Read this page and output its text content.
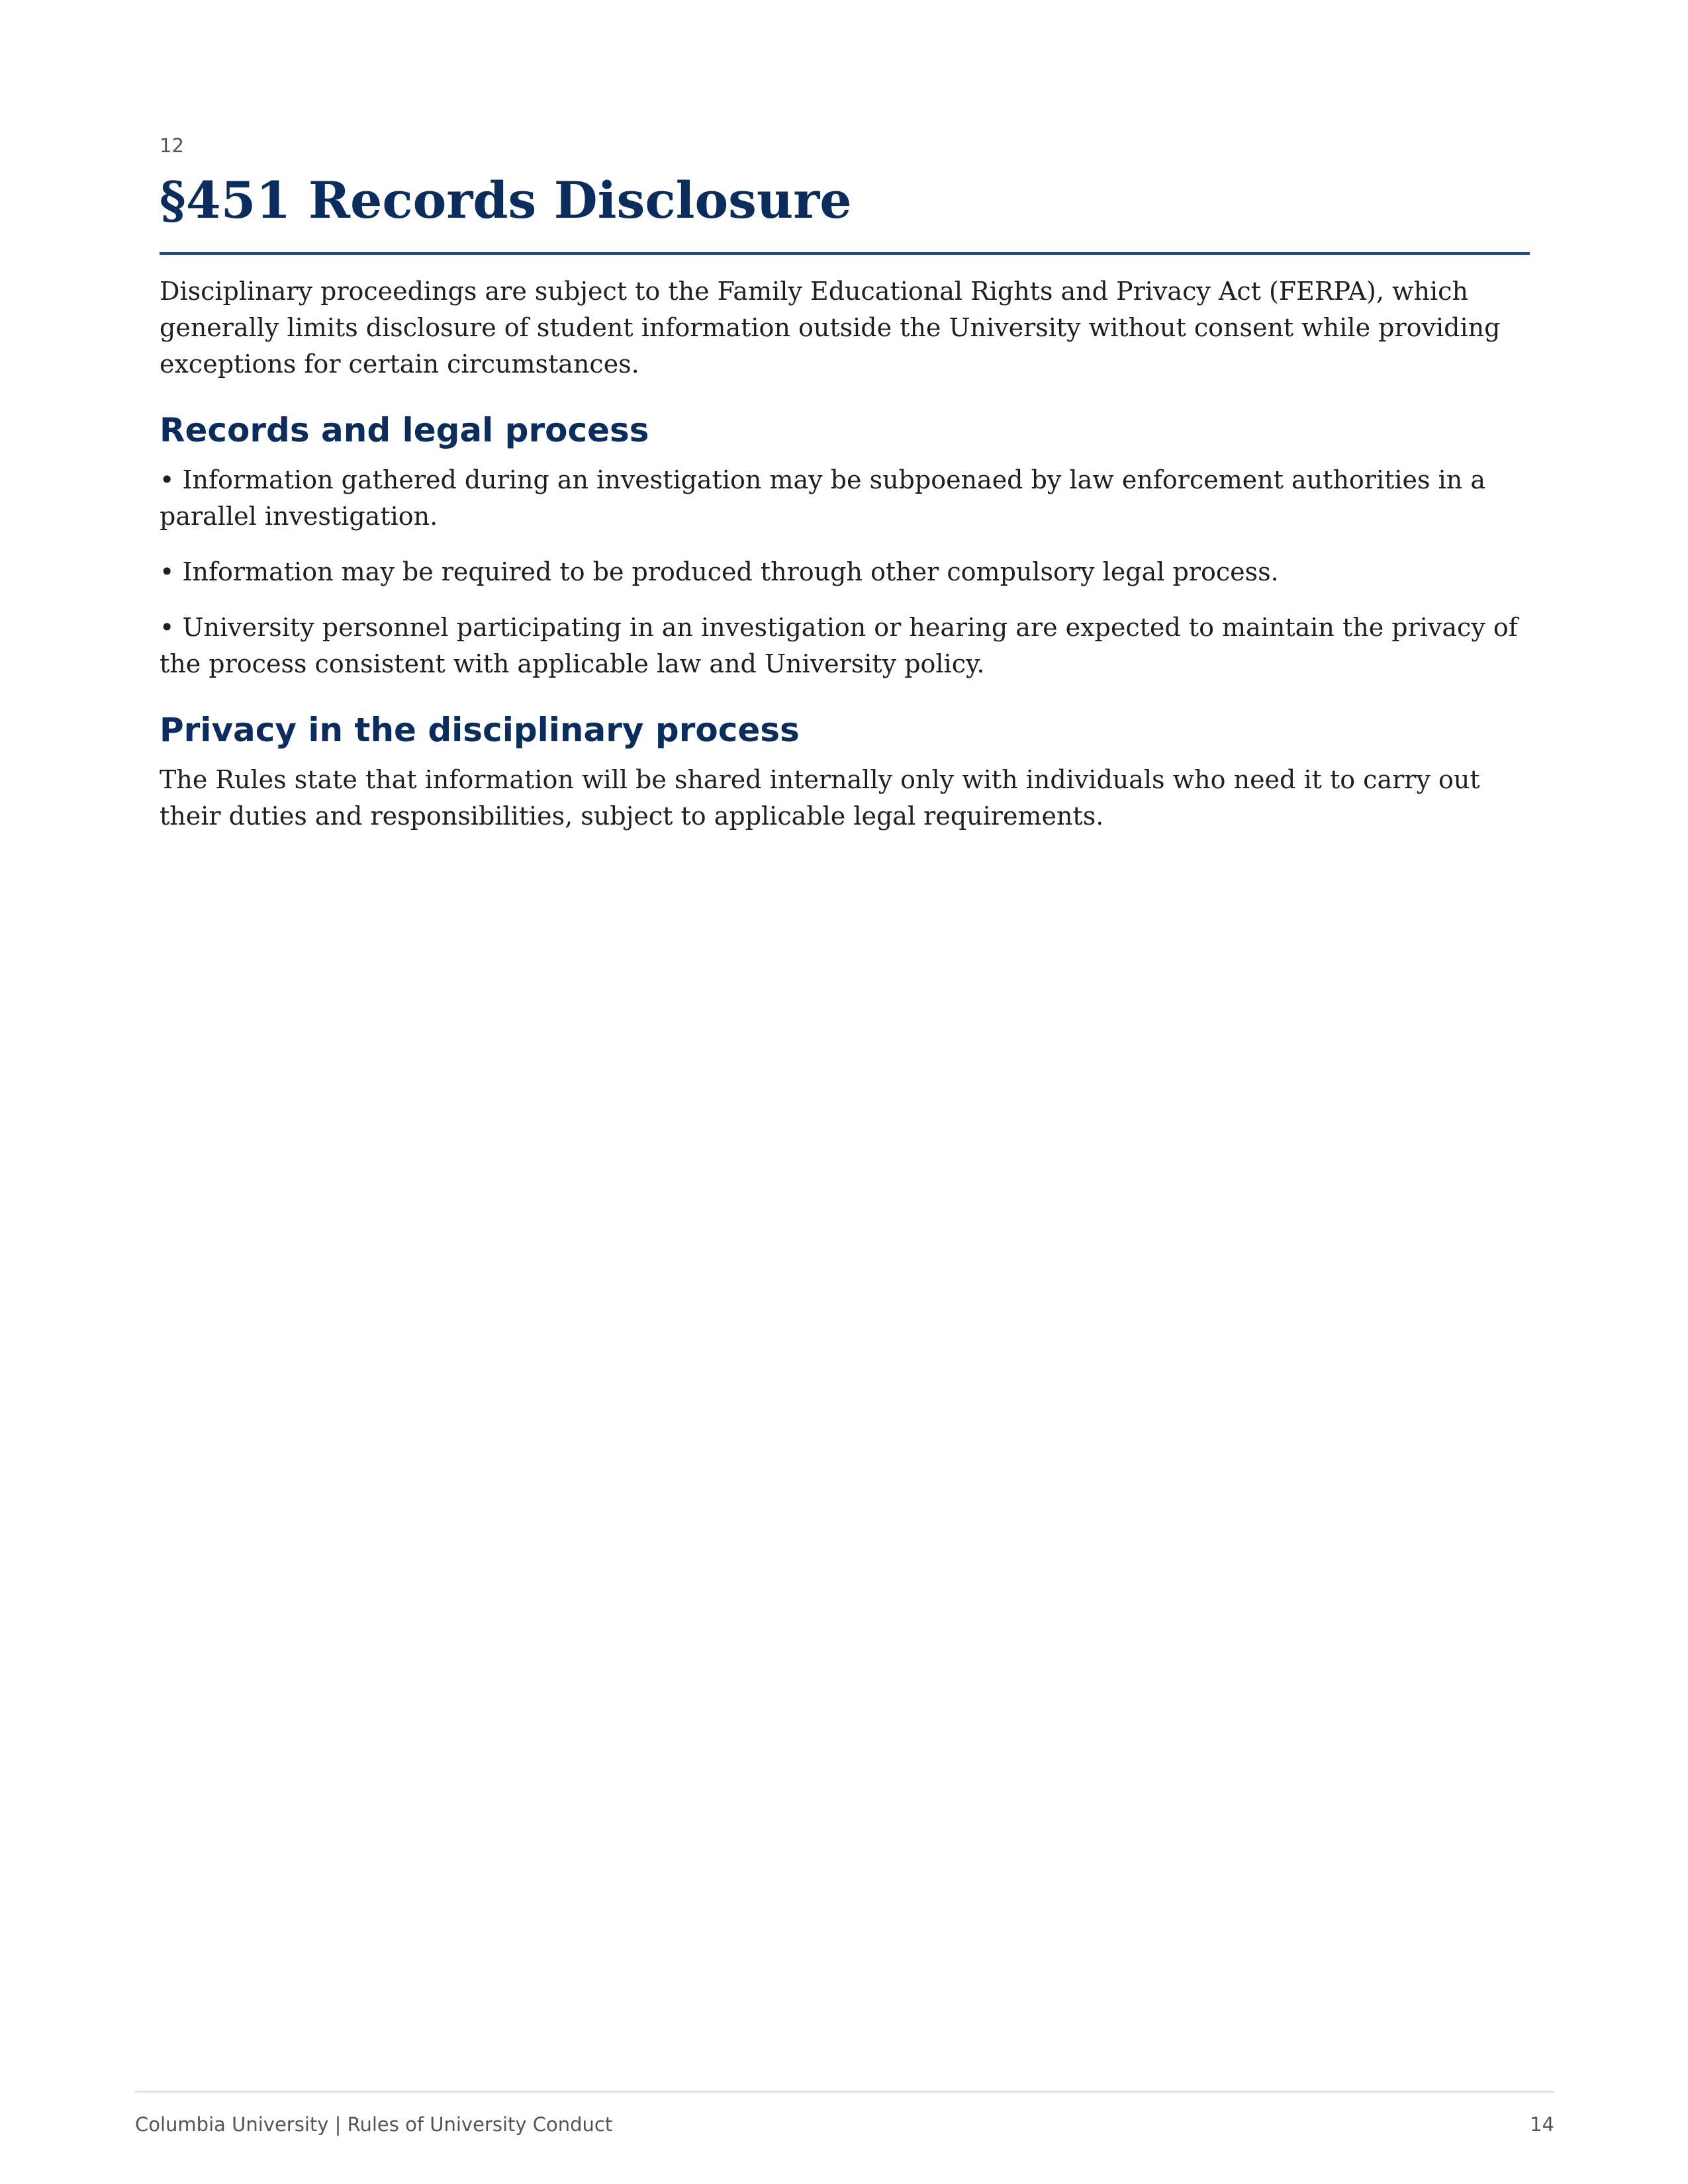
12
§451 Records Disclosure

Disciplinary proceedings are subject to the Family Educational Rights and Privacy Act (FERPA), which generally limits disclosure of student information outside the University without consent while providing exceptions for certain circumstances.

Records and legal process

• Information gathered during an investigation may be subpoenaed by law enforcement authorities in a parallel investigation.

• Information may be required to be produced through other compulsory legal process.

• University personnel participating in an investigation or hearing are expected to maintain the privacy of the process consistent with applicable law and University policy.

Privacy in the disciplinary process

The Rules state that information will be shared internally only with individuals who need it to carry out their duties and responsibilities, subject to applicable legal requirements.

Columbia University | Rules of University Conduct	14
